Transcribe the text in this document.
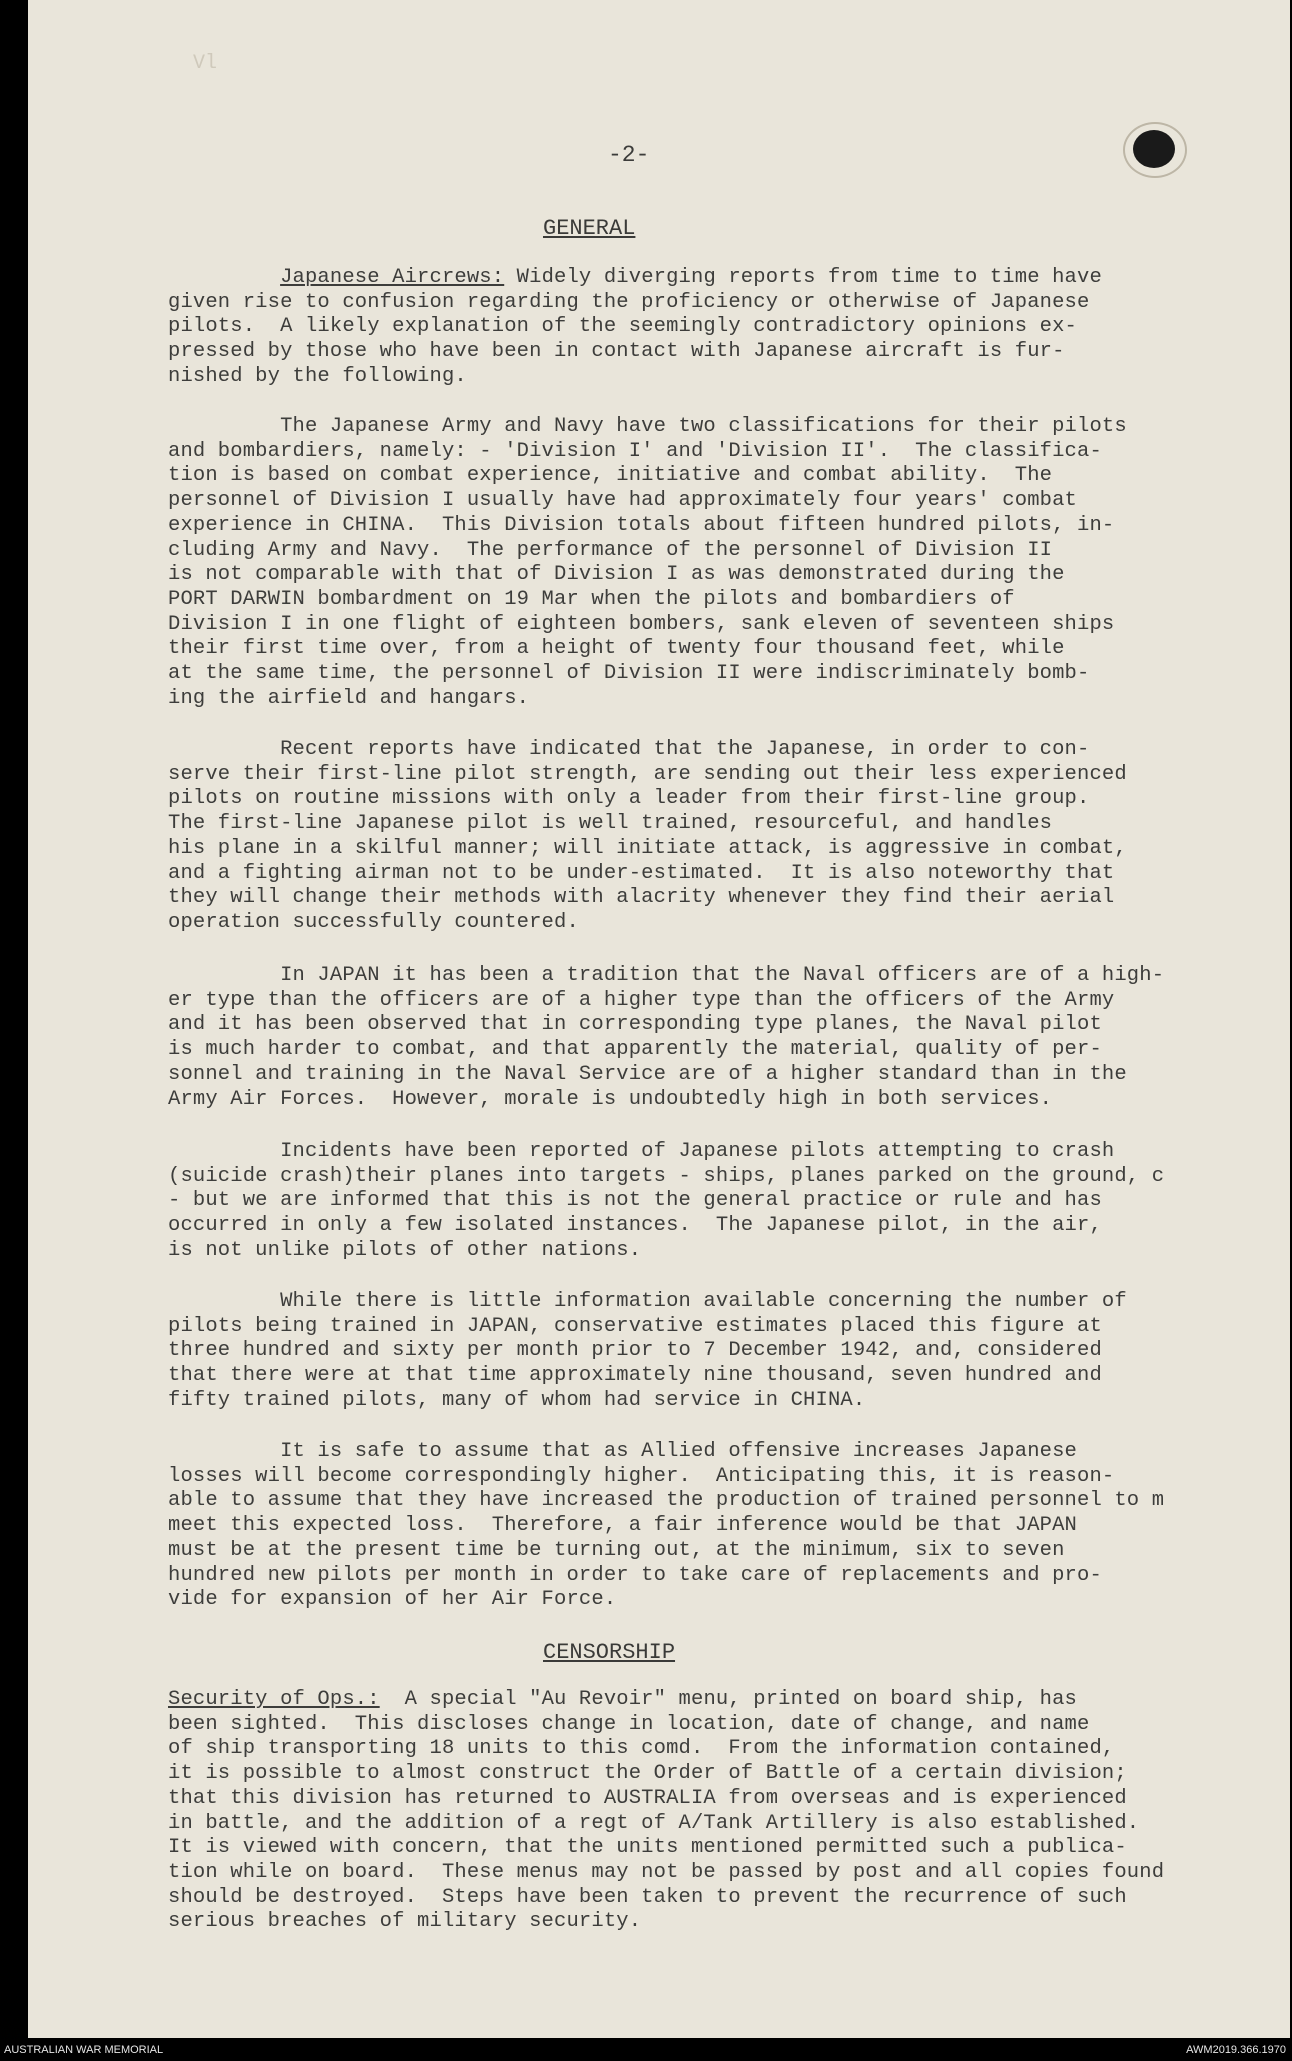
Vl
-2-
GENERAL

Japanese Aircrews: Widely diverging reports from time to time have
given rise to confusion regarding the proficiency or otherwise of Japanese
pilots.  A likely explanation of the seemingly contradictory opinions ex-
pressed by those who have been in contact with Japanese aircraft is fur-
nished by the following.

The Japanese Army and Navy have two classifications for their pilots
and bombardiers, namely: - 'Division I' and 'Division II'.  The classifica-
tion is based on combat experience, initiative and combat ability.  The
personnel of Division I usually have had approximately four years' combat
experience in CHINA.  This Division totals about fifteen hundred pilots, in-
cluding Army and Navy.  The performance of the personnel of Division II
is not comparable with that of Division I as was demonstrated during the
PORT DARWIN bombardment on 19 Mar when the pilots and bombardiers of
Division I in one flight of eighteen bombers, sank eleven of seventeen ships
their first time over, from a height of twenty four thousand feet, while
at the same time, the personnel of Division II were indiscriminately bomb-
ing the airfield and hangars.

Recent reports have indicated that the Japanese, in order to con-
serve their first-line pilot strength, are sending out their less experienced
pilots on routine missions with only a leader from their first-line group.
The first-line Japanese pilot is well trained, resourceful, and handles
his plane in a skilful manner; will initiate attack, is aggressive in combat,
and a fighting airman not to be under-estimated.  It is also noteworthy that
they will change their methods with alacrity whenever they find their aerial
operation successfully countered.

In JAPAN it has been a tradition that the Naval officers are of a high-
er type than the officers are of a higher type than the officers of the Army
and it has been observed that in corresponding type planes, the Naval pilot
is much harder to combat, and that apparently the material, quality of per-
sonnel and training in the Naval Service are of a higher standard than in the
Army Air Forces.  However, morale is undoubtedly high in both services.

Incidents have been reported of Japanese pilots attempting to crash
(suicide crash)their planes into targets - ships, planes parked on the ground, c
- but we are informed that this is not the general practice or rule and has
occurred in only a few isolated instances.  The Japanese pilot, in the air,
is not unlike pilots of other nations.

While there is little information available concerning the number of
pilots being trained in JAPAN, conservative estimates placed this figure at
three hundred and sixty per month prior to 7 December 1942, and, considered
that there were at that time approximately nine thousand, seven hundred and
fifty trained pilots, many of whom had service in CHINA.

It is safe to assume that as Allied offensive increases Japanese
losses will become correspondingly higher.  Anticipating this, it is reason-
able to assume that they have increased the production of trained personnel to m
meet this expected loss.  Therefore, a fair inference would be that JAPAN
must be at the present time be turning out, at the minimum, six to seven
hundred new pilots per month in order to take care of replacements and pro-
vide for expansion of her Air Force.

CENSORSHIP

Security of Ops.:  A special "Au Revoir" menu, printed on board ship, has
been sighted.  This discloses change in location, date of change, and name
of ship transporting 18 units to this comd.  From the information contained,
it is possible to almost construct the Order of Battle of a certain division;
that this division has returned to AUSTRALIA from overseas and is experienced
in battle, and the addition of a regt of A/Tank Artillery is also established.
It is viewed with concern, that the units mentioned permitted such a publica-
tion while on board.  These menus may not be passed by post and all copies found
should be destroyed.  Steps have been taken to prevent the recurrence of such
serious breaches of military security.

AUSTRALIAN WAR MEMORIAL	AWM2019.366.1970
